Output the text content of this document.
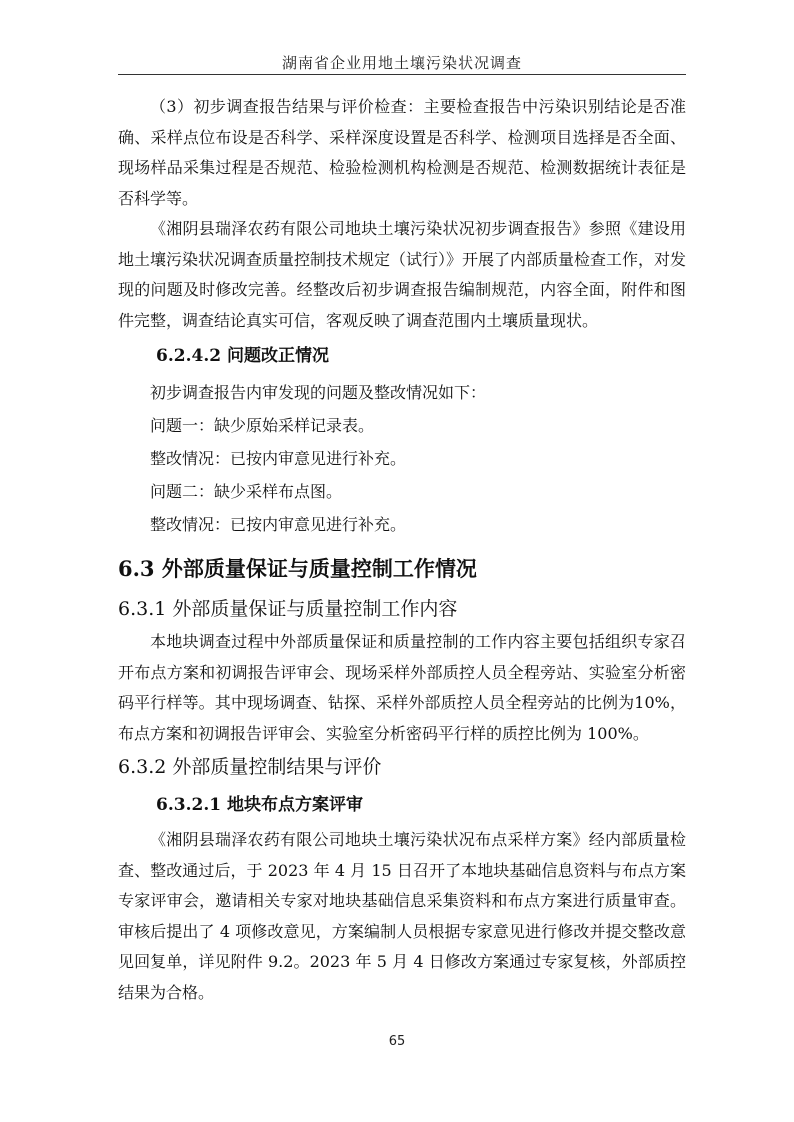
湖南省企业用地土壤污染状况调查

（3）初步调查报告结果与评价检查：主要检查报告中污染识别结论是否准确、采样点位布设是否科学、采样深度设置是否科学、检测项目选择是否全面、现场样品采集过程是否规范、检验检测机构检测是否规范、检测数据统计表征是否科学等。

《湘阴县瑞泽农药有限公司地块土壤污染状况初步调查报告》参照《建设用地土壤污染状况调查质量控制技术规定（试行）》开展了内部质量检查工作，对发现的问题及时修改完善。经整改后初步调查报告编制规范，内容全面，附件和图件完整，调查结论真实可信，客观反映了调查范围内土壤质量现状。

6.2.4.2 问题改正情况

初步调查报告内审发现的问题及整改情况如下：

问题一：缺少原始采样记录表。

整改情况：已按内审意见进行补充。

问题二：缺少采样布点图。

整改情况：已按内审意见进行补充。

6.3 外部质量保证与质量控制工作情况
6.3.1 外部质量保证与质量控制工作内容

本地块调查过程中外部质量保证和质量控制的工作内容主要包括组织专家召开布点方案和初调报告评审会、现场采样外部质控人员全程旁站、实验室分析密码平行样等。其中现场调查、钻探、采样外部质控人员全程旁站的比例为10%，布点方案和初调报告评审会、实验室分析密码平行样的质控比例为 100%。

6.3.2 外部质量控制结果与评价
6.3.2.1 地块布点方案评审

《湘阴县瑞泽农药有限公司地块土壤污染状况布点采样方案》经内部质量检查、整改通过后，于 2023 年 4 月 15 日召开了本地块基础信息资料与布点方案专家评审会，邀请相关专家对地块基础信息采集资料和布点方案进行质量审查。审核后提出了 4 项修改意见，方案编制人员根据专家意见进行修改并提交整改意见回复单，详见附件 9.2。2023 年 5 月 4 日修改方案通过专家复核，外部质控结果为合格。

65
